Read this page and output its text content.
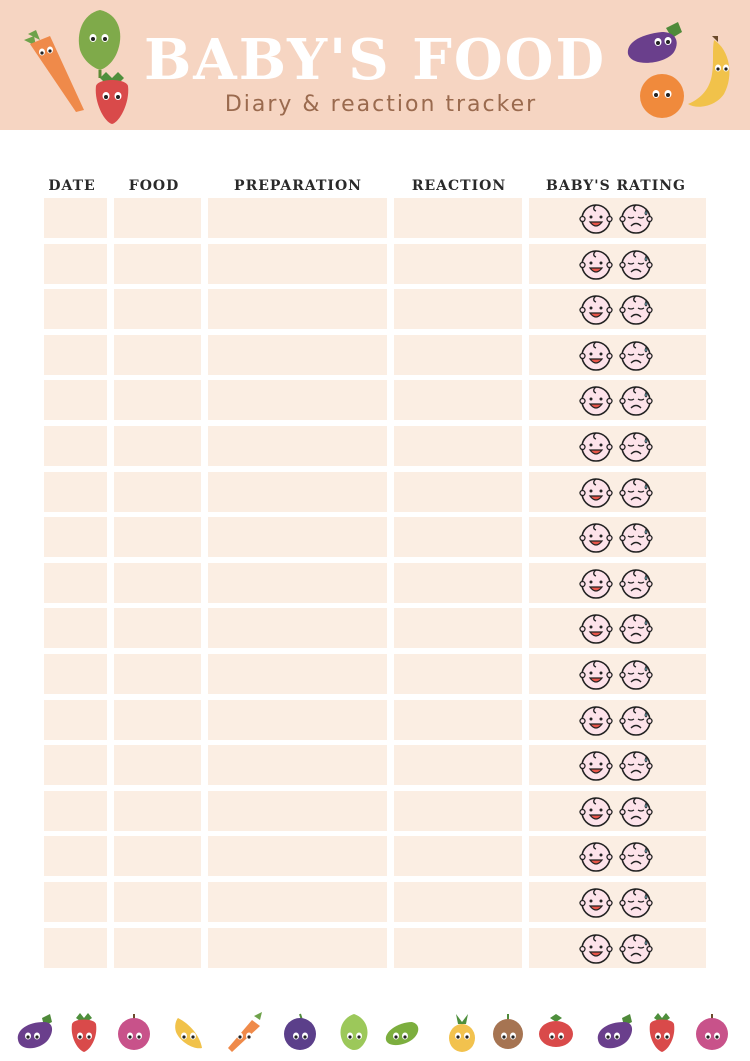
BABY'S FOOD
Diary & reaction tracker
DATE	FOOD	PREPARATION	REACTION	BABY'S RATING
